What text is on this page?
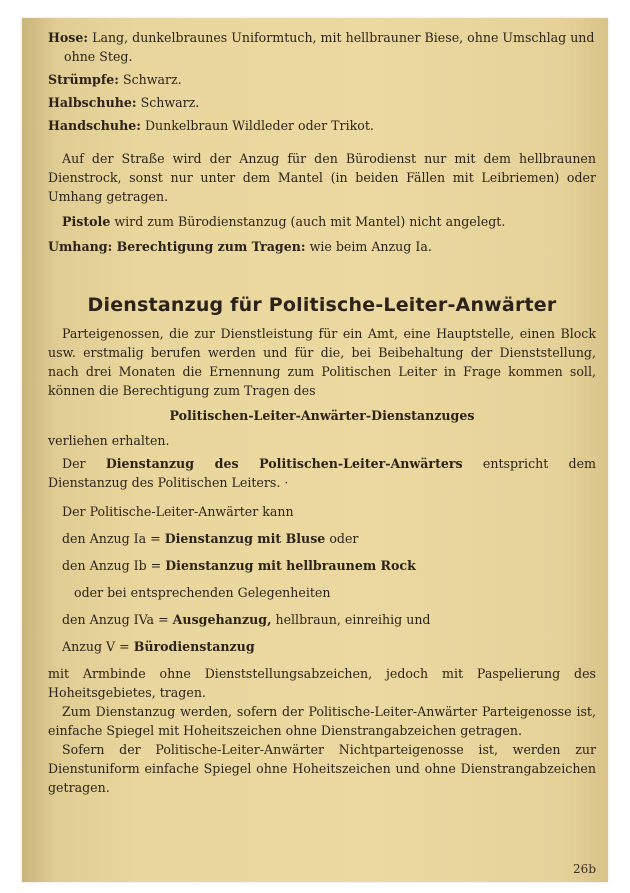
Hose: Lang, dunkelbraunes Uniformtuch, mit hellbrauner Biese, ohne Umschlag und ohne Steg.
Strümpfe: Schwarz.
Halbschuhe: Schwarz.
Handschuhe: Dunkelbraun Wildleder oder Trikot.

Auf der Straße wird der Anzug für den Bürodienst nur mit dem hellbraunen Dienstrock, sonst nur unter dem Mantel (in beiden Fällen mit Leibriemen) oder Umhang getragen.

Pistole wird zum Bürodienstanzug (auch mit Mantel) nicht angelegt.

Umhang: Berechtigung zum Tragen: wie beim Anzug Ia.

Dienstanzug für Politische-Leiter-Anwärter

Parteigenossen, die zur Dienstleistung für ein Amt, eine Hauptstelle, einen Block usw. erstmalig berufen werden und für die, bei Beibehaltung der Dienststellung, nach drei Monaten die Ernennung zum Politischen Leiter in Frage kommen soll, können die Berechtigung zum Tragen des

Politischen-Leiter-Anwärter-Dienstanzuges

verliehen erhalten.

Der Dienstanzug des Politischen-Leiter-Anwärters entspricht dem Dienstanzug des Politischen Leiters. ·

Der Politische-Leiter-Anwärter kann
den Anzug Ia = Dienstanzug mit Bluse oder
den Anzug Ib = Dienstanzug mit hellbraunem Rock
oder bei entsprechenden Gelegenheiten
den Anzug IVa = Ausgehanzug, hellbraun, einreihig und
Anzug V = Bürodienstanzug

mit Armbinde ohne Dienststellungsabzeichen, jedoch mit Paspelierung des Hoheitsgebietes, tragen.

Zum Dienstanzug werden, sofern der Politische-Leiter-Anwärter Parteigenosse ist, einfache Spiegel mit Hoheitszeichen ohne Dienstrangabzeichen getragen.

Sofern der Politische-Leiter-Anwärter Nichtparteigenosse ist, werden zur Dienstuniform einfache Spiegel ohne Hoheitszeichen und ohne Dienstrangabzeichen getragen.

26b
